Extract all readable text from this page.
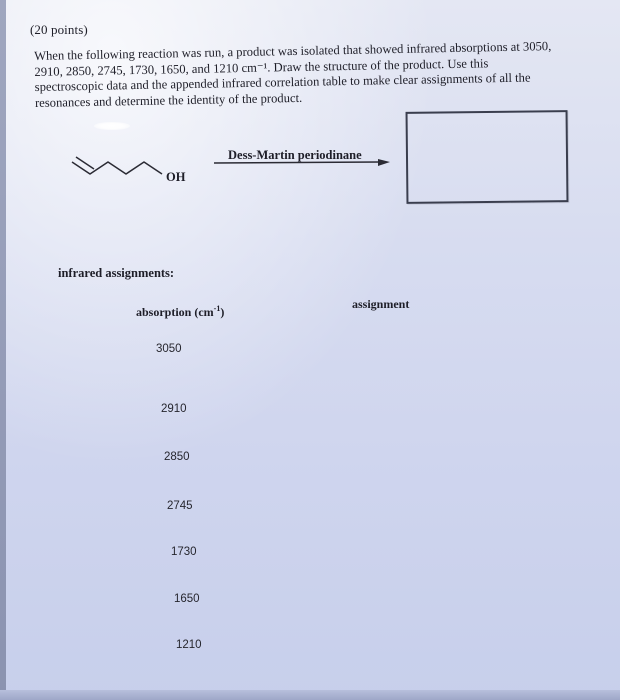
(20 points)

When the following reaction was run, a product was isolated that showed infrared absorptions at 3050, 2910, 2850, 2745, 1730, 1650, and 1210 cm⁻¹. Draw the structure of the product. Use this spectroscopic data and the appended infrared correlation table to make clear assignments of all the resonances and determine the identity of the product.

OH
Dess-Martin periodinane
infrared assignments:
absorption $(cm^{-1})$
assignment
3050
2910
2850
2745
1730
1650
1210
